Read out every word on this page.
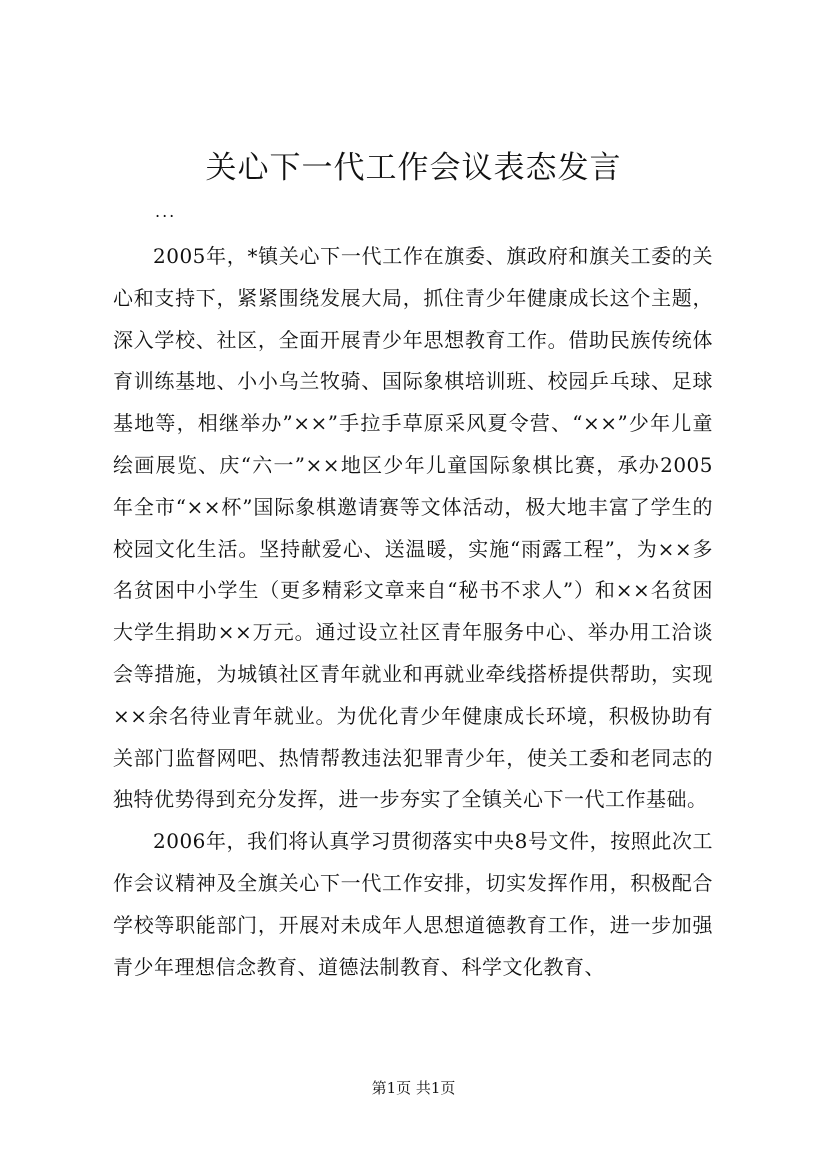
关心下一代工作会议表态发言
...

2005年，*镇关心下一代工作在旗委、旗政府和旗关工委的关心和支持下，紧紧围绕发展大局，抓住青少年健康成长这个主题，深入学校、社区，全面开展青少年思想教育工作。借助民族传统体育训练基地、小小乌兰牧骑、国际象棋培训班、校园乒乓球、足球基地等，相继举办”××”手拉手草原采风夏令营、“××”少年儿童绘画展览、庆“六一”××地区少年儿童国际象棋比赛，承办2005年全市“××杯”国际象棋邀请赛等文体活动，极大地丰富了学生的校园文化生活。坚持献爱心、送温暖，实施“雨露工程”，为××多名贫困中小学生（更多精彩文章来自“秘书不求人”）和××名贫困大学生捐助××万元。通过设立社区青年服务中心、举办用工洽谈会等措施，为城镇社区青年就业和再就业牵线搭桥提供帮助，实现××余名待业青年就业。为优化青少年健康成长环境，积极协助有关部门监督网吧、热情帮教违法犯罪青少年，使关工委和老同志的独特优势得到充分发挥，进一步夯实了全镇关心下一代工作基础。

2006年，我们将认真学习贯彻落实中央8号文件，按照此次工作会议精神及全旗关心下一代工作安排，切实发挥作用，积极配合学校等职能部门，开展对未成年人思想道德教育工作，进一步加强青少年理想信念教育、道德法制教育、科学文化教育、

第1页 共1页
